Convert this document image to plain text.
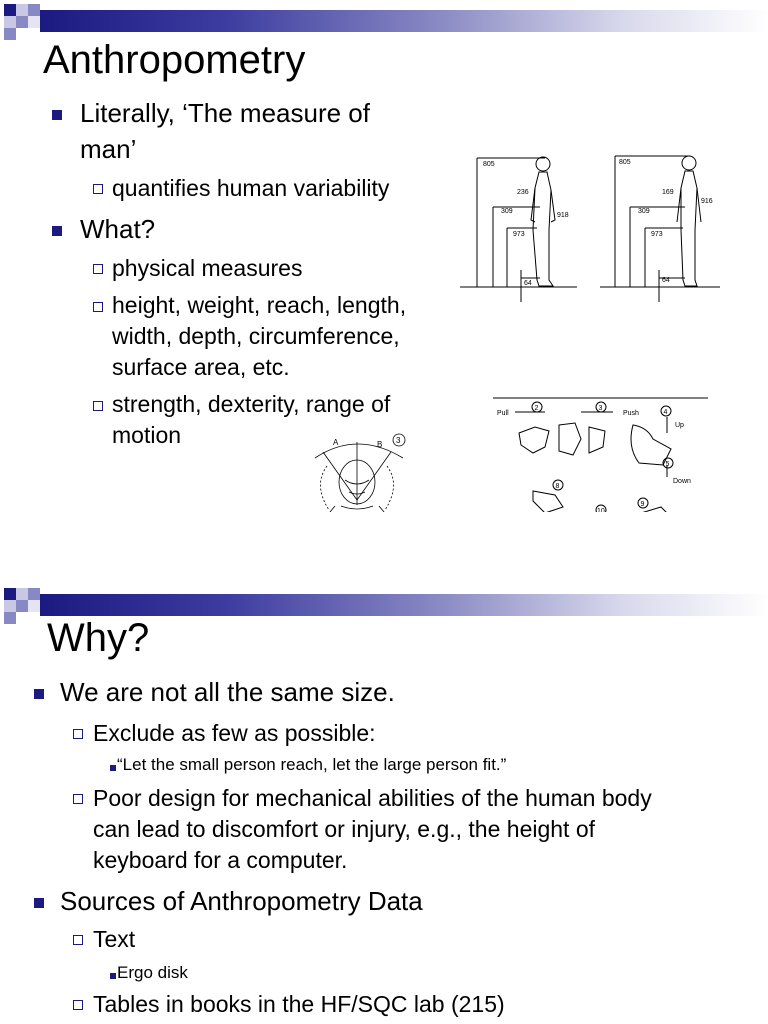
Anthropometry
Literally, ‘The measure of
man’
quantifies human variability
What?
physical measures
height, weight, reach, length,
width, depth, circumference,
surface area, etc.
strength, dexterity, range of
motion
805
236
309
918
973
64
805
169
309
916
973
64
A	B 3
Pull	Push
Up
Down
2	3
4
5
8
9
Why?
We are not all the same size.
Exclude as few as possible:
“Let the small person reach, let the large person fit.”
Poor design for mechanical abilities of the human body
can lead to discomfort or injury, e.g., the height of
keyboard for a computer.
Sources of Anthropometry Data
Text
Ergo disk
Tables in books in the HF/SQC lab (215)
